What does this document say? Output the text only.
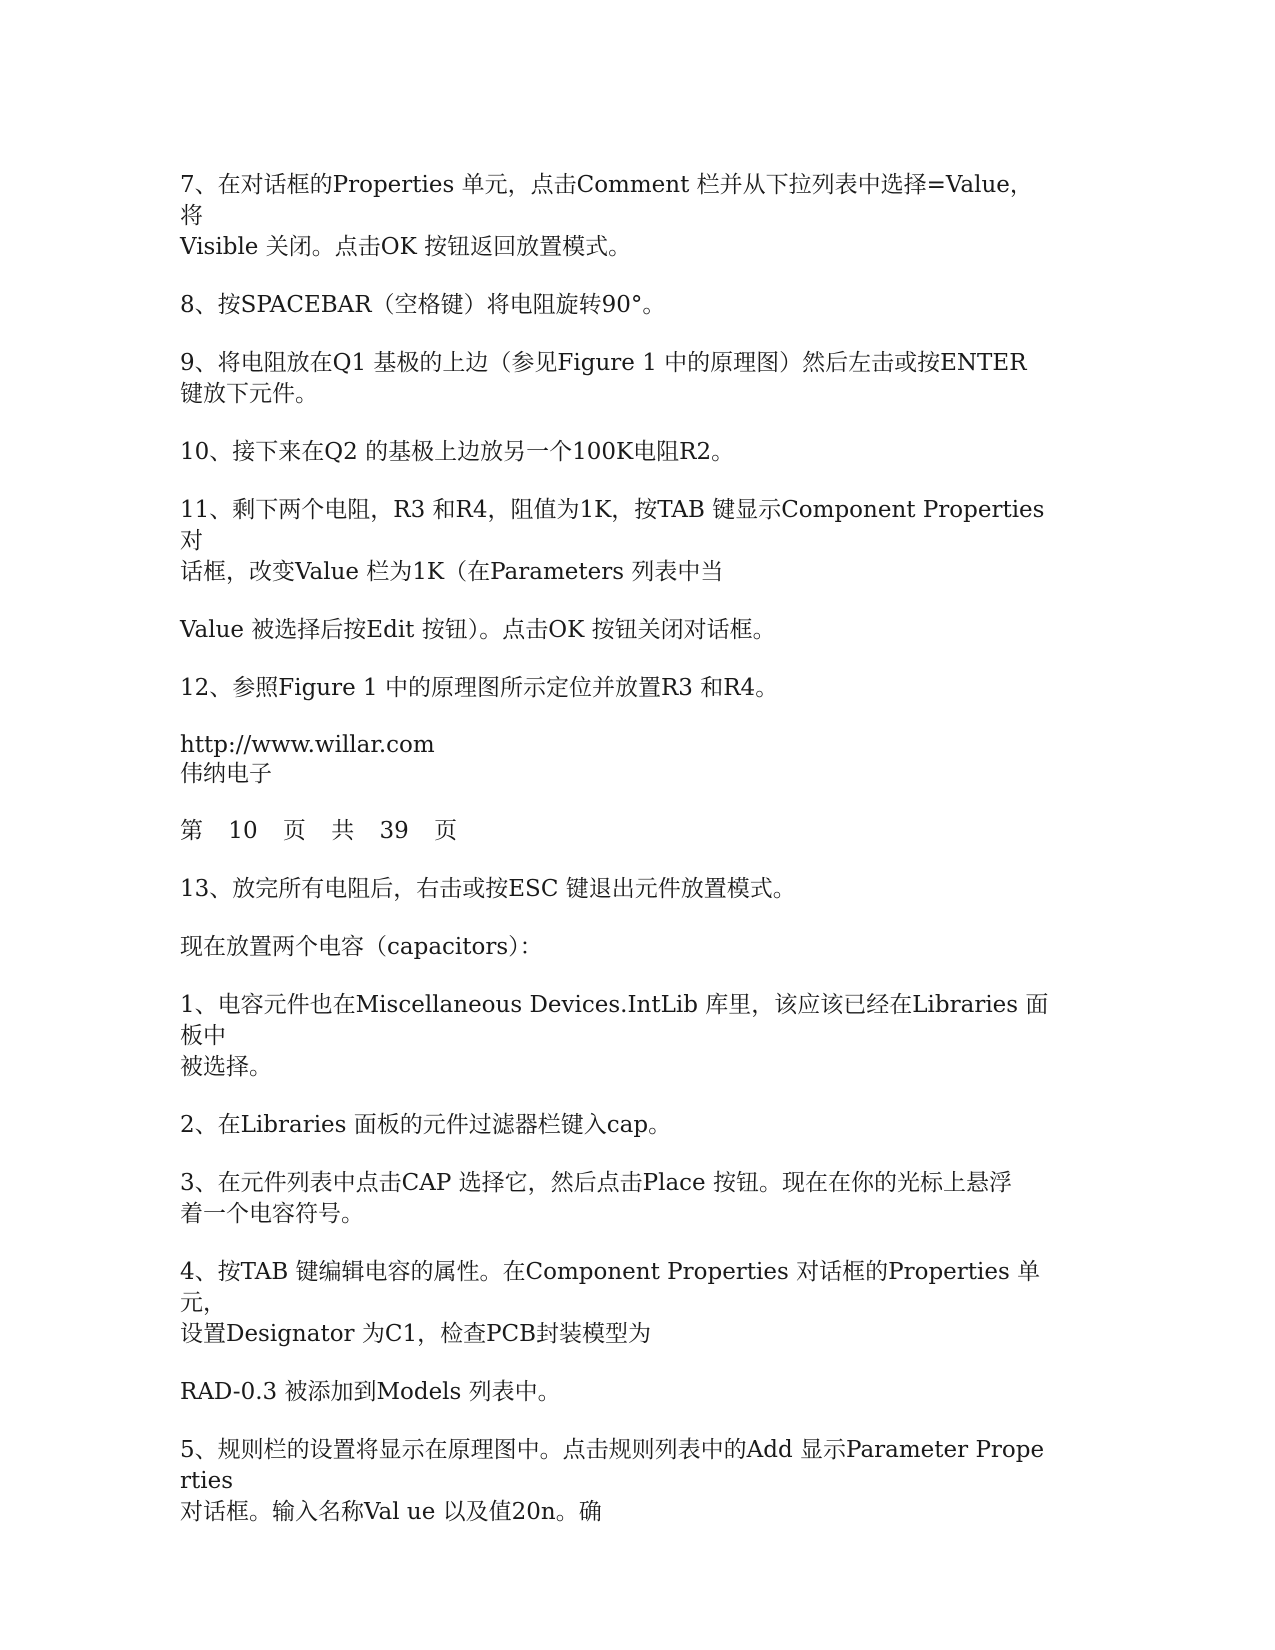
7、在对话框的Properties 单元，点击Comment 栏并从下拉列表中选择=Value，将
Visible 关闭。点击OK 按钮返回放置模式。

8、按SPACEBAR（空格键）将电阻旋转90°。

9、将电阻放在Q1 基极的上边（参见Figure 1 中的原理图）然后左击或按ENTER
键放下元件。

10、接下来在Q2 的基极上边放另一个100K电阻R2。

11、剩下两个电阻，R3 和R4，阻值为1K，按TAB 键显示Component Properties 对
话框，改变Value 栏为1K（在Parameters 列表中当

Value 被选择后按Edit 按钮）。点击OK 按钮关闭对话框。

12、参照Figure 1 中的原理图所示定位并放置R3 和R4。

http://www.willar.com
伟纳电子

第 10 页 共 39 页

13、放完所有电阻后，右击或按ESC 键退出元件放置模式。

现在放置两个电容（capacitors）：

1、电容元件也在Miscellaneous Devices.IntLib 库里，该应该已经在Libraries 面板中
被选择。

2、在Libraries 面板的元件过滤器栏键入cap。

3、在元件列表中点击CAP 选择它，然后点击Place 按钮。现在在你的光标上悬浮
着一个电容符号。

4、按TAB 键编辑电容的属性。在Component Properties 对话框的Properties 单元，
设置Designator 为C1，检查PCB封装模型为

RAD-0.3 被添加到Models 列表中。

5、规则栏的设置将显示在原理图中。点击规则列表中的Add 显示Parameter Properties
对话框。输入名称Val ue 以及值20n。确
